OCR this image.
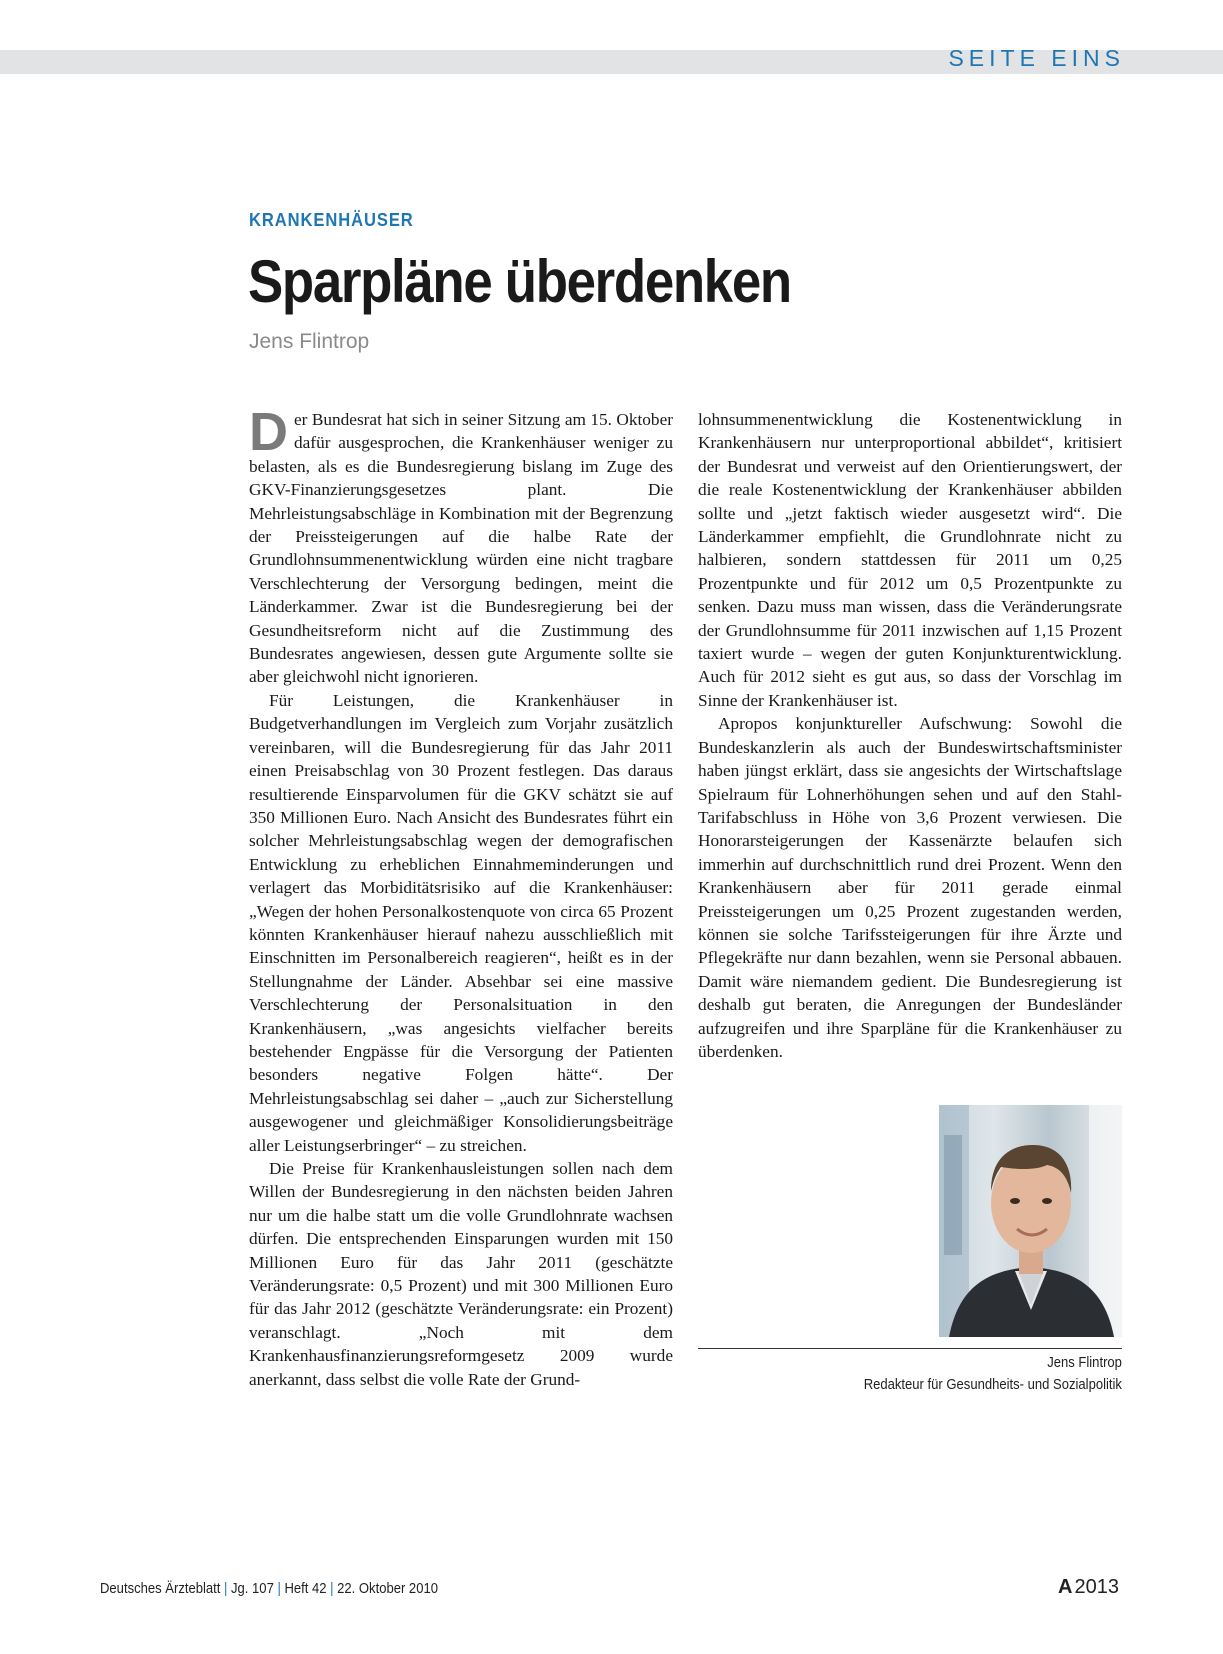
SEITE EINS
KRANKENHÄUSER
Sparpläne überdenken
Jens Flintrop

Der Bundesrat hat sich in seiner Sitzung am 15. Oktober dafür ausgesprochen, die Krankenhäuser weniger zu belasten, als es die Bundesregierung bislang im Zuge des GKV-Finanzierungsgesetzes plant. Die Mehrleistungsabschläge in Kombination mit der Begrenzung der Preissteigerungen auf die halbe Rate der Grundlohnsummenentwicklung würden eine nicht tragbare Verschlechterung der Versorgung bedingen, meint die Länderkammer. Zwar ist die Bundesregierung bei der Gesundheitsreform nicht auf die Zustimmung des Bundesrates angewiesen, dessen gute Argumente sollte sie aber gleichwohl nicht ignorieren.

Für Leistungen, die Krankenhäuser in Budgetverhandlungen im Vergleich zum Vorjahr zusätzlich vereinbaren, will die Bundesregierung für das Jahr 2011 einen Preisabschlag von 30 Prozent festlegen. Das daraus resultierende Einsparvolumen für die GKV schätzt sie auf 350 Millionen Euro. Nach Ansicht des Bundesrates führt ein solcher Mehrleistungsabschlag wegen der demografischen Entwicklung zu erheblichen Einnahmeminderungen und verlagert das Morbiditätsrisiko auf die Krankenhäuser: „Wegen der hohen Personalkostenquote von circa 65 Prozent könnten Krankenhäuser hierauf nahezu ausschließlich mit Einschnitten im Personalbereich reagieren“, heißt es in der Stellungnahme der Länder. Absehbar sei eine massive Verschlechterung der Personalsituation in den Krankenhäusern, „was angesichts vielfacher bereits bestehender Engpässe für die Versorgung der Patienten besonders negative Folgen hätte“. Der Mehrleistungsabschlag sei daher – „auch zur Sicherstellung ausgewogener und gleichmäßiger Konsolidierungsbeiträge aller Leistungserbringer“ – zu streichen.

Die Preise für Krankenhausleistungen sollen nach dem Willen der Bundesregierung in den nächsten beiden Jahren nur um die halbe statt um die volle Grundlohnrate wachsen dürfen. Die entsprechenden Einsparungen wurden mit 150 Millionen Euro für das Jahr 2011 (geschätzte Veränderungsrate: 0,5 Prozent) und mit 300 Millionen Euro für das Jahr 2012 (geschätzte Veränderungsrate: ein Prozent) veranschlagt. „Noch mit dem Krankenhausfinanzierungsreformgesetz 2009 wurde anerkannt, dass selbst die volle Rate der Grund-

lohnsummenentwicklung die Kostenentwicklung in Krankenhäusern nur unterproportional abbildet“, kritisiert der Bundesrat und verweist auf den Orientierungswert, der die reale Kostenentwicklung der Krankenhäuser abbilden sollte und „jetzt faktisch wieder ausgesetzt wird“. Die Länderkammer empfiehlt, die Grundlohnrate nicht zu halbieren, sondern stattdessen für 2011 um 0,25 Prozentpunkte und für 2012 um 0,5 Prozentpunkte zu senken. Dazu muss man wissen, dass die Veränderungsrate der Grundlohnsumme für 2011 inzwischen auf 1,15 Prozent taxiert wurde – wegen der guten Konjunkturentwicklung. Auch für 2012 sieht es gut aus, so dass der Vorschlag im Sinne der Krankenhäuser ist.

Apropos konjunktureller Aufschwung: Sowohl die Bundeskanzlerin als auch der Bundeswirtschaftsminister haben jüngst erklärt, dass sie angesichts der Wirtschaftslage Spielraum für Lohnerhöhungen sehen und auf den Stahl-Tarifabschluss in Höhe von 3,6 Prozent verwiesen. Die Honorarsteigerungen der Kassenärzte belaufen sich immerhin auf durchschnittlich rund drei Prozent. Wenn den Krankenhäusern aber für 2011 gerade einmal Preissteigerungen um 0,25 Prozent zugestanden werden, können sie solche Tarifssteigerungen für ihre Ärzte und Pflegekräfte nur dann bezahlen, wenn sie Personal abbauen. Damit wäre niemandem gedient. Die Bundesregierung ist deshalb gut beraten, die Anregungen der Bundesländer aufzugreifen und ihre Sparpläne für die Krankenhäuser zu überdenken.

Jens Flintrop
Redakteur für Gesundheits- und Sozialpolitik
Deutsches Ärzteblatt | Jg. 107 | Heft 42 | 22. Oktober 2010	A 2013
